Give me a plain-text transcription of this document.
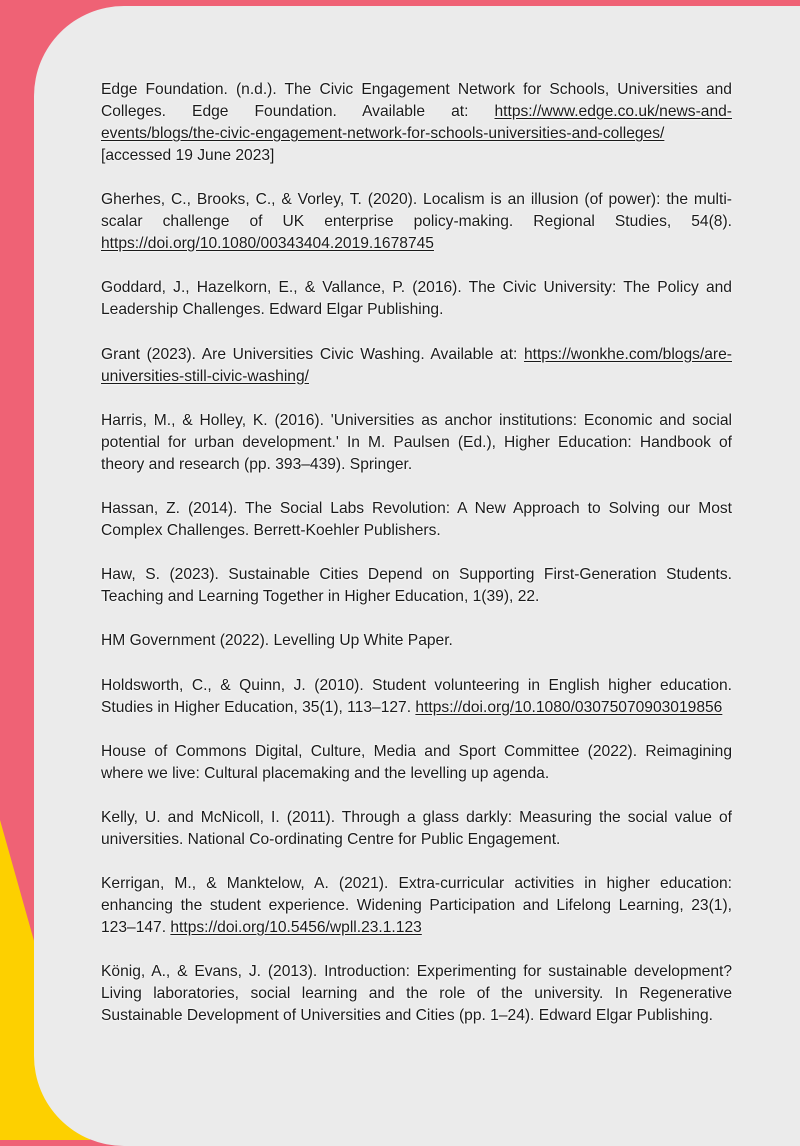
Edge Foundation. (n.d.). The Civic Engagement Network for Schools, Universities and Colleges. Edge Foundation. Available at: https://www.edge.co.uk/news-and-events/blogs/the-civic-engagement-network-for-schools-universities-and-colleges/ [accessed 19 June 2023]
Gherhes, C., Brooks, C., & Vorley, T. (2020). Localism is an illusion (of power): the multi-scalar challenge of UK enterprise policy-making. Regional Studies, 54(8). https://doi.org/10.1080/00343404.2019.1678745
Goddard, J., Hazelkorn, E., & Vallance, P. (2016). The Civic University: The Policy and Leadership Challenges. Edward Elgar Publishing.
Grant (2023). Are Universities Civic Washing. Available at: https://wonkhe.com/blogs/are-universities-still-civic-washing/
Harris, M., & Holley, K. (2016). 'Universities as anchor institutions: Economic and social potential for urban development.' In M. Paulsen (Ed.), Higher Education: Handbook of theory and research (pp. 393–439). Springer.
Hassan, Z. (2014). The Social Labs Revolution: A New Approach to Solving our Most Complex Challenges. Berrett-Koehler Publishers.
Haw, S. (2023). Sustainable Cities Depend on Supporting First-Generation Students. Teaching and Learning Together in Higher Education, 1(39), 22.
HM Government (2022). Levelling Up White Paper.
Holdsworth, C., & Quinn, J. (2010). Student volunteering in English higher education. Studies in Higher Education, 35(1), 113–127. https://doi.org/10.1080/03075070903019856
House of Commons Digital, Culture, Media and Sport Committee (2022). Reimagining where we live: Cultural placemaking and the levelling up agenda.
Kelly, U. and McNicoll, I. (2011). Through a glass darkly: Measuring the social value of universities. National Co-ordinating Centre for Public Engagement.
Kerrigan, M., & Manktelow, A. (2021). Extra-curricular activities in higher education: enhancing the student experience. Widening Participation and Lifelong Learning, 23(1), 123–147. https://doi.org/10.5456/wpll.23.1.123
König, A., & Evans, J. (2013). Introduction: Experimenting for sustainable development? Living laboratories, social learning and the role of the university. In Regenerative Sustainable Development of Universities and Cities (pp. 1–24). Edward Elgar Publishing.
